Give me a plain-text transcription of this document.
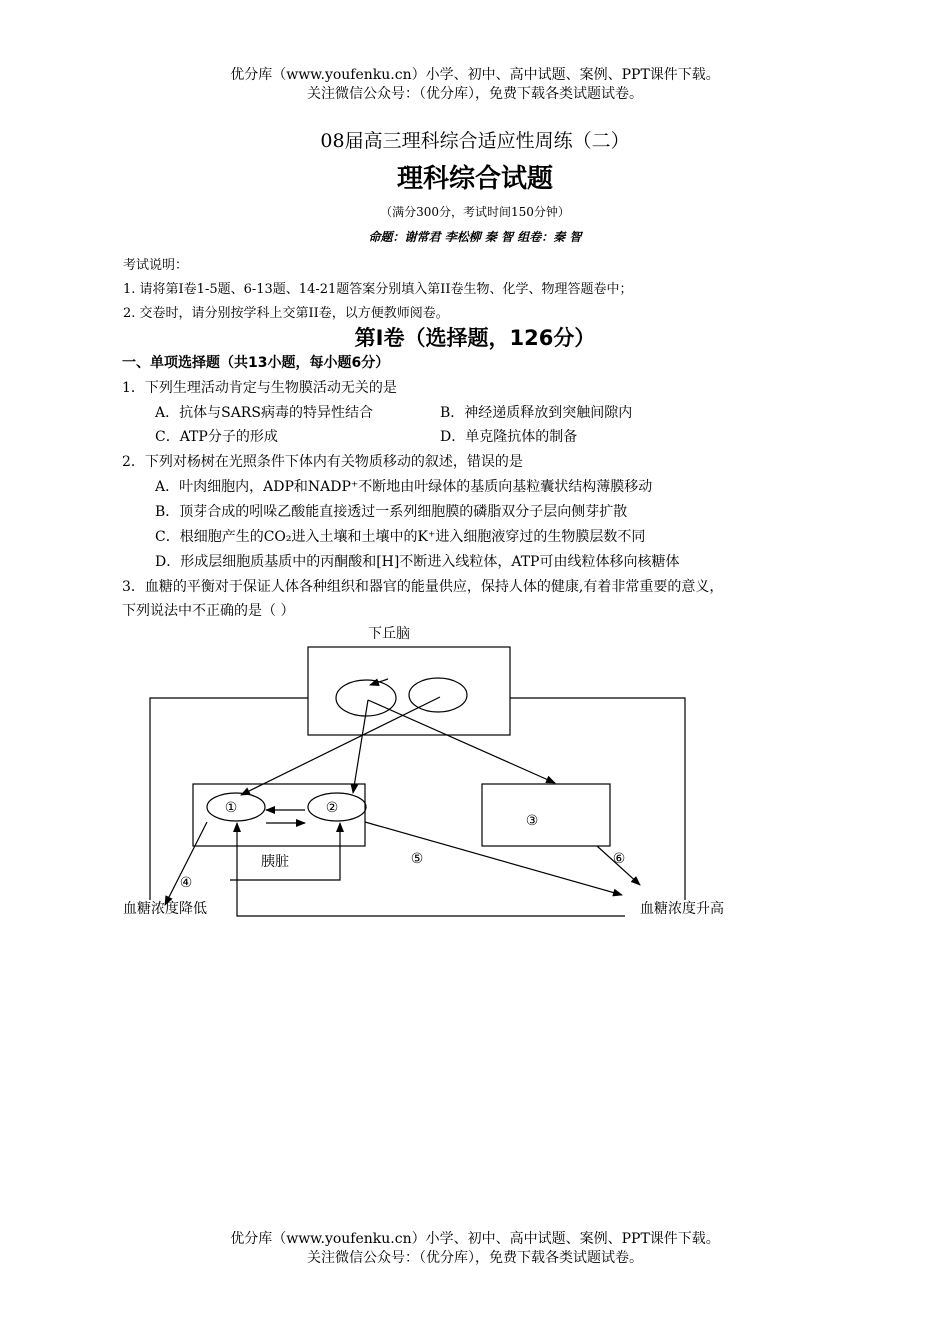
优分库（www.youfenku.cn）小学、初中、高中试题、案例、PPT课件下载。
关注微信公众号：（优分库），免费下载各类试题试卷。
08届高三理科综合适应性周练（二）
理科综合试题
（满分300分，考试时间150分钟）
命题：谢常君 李松柳 秦 智 组卷：秦 智
考试说明：
1. 请将第I卷1-5题、6-13题、14-21题答案分别填入第II卷生物、化学、物理答题卷中；
2. 交卷时，请分别按学科上交第II卷，以方便教师阅卷。
第I卷（选择题，126分）
一、单项选择题（共13小题，每小题6分）
1．下列生理活动肯定与生物膜活动无关的是
A．抗体与SARS病毒的特异性结合	B．神经递质释放到突触间隙内
C．ATP分子的形成	D．单克隆抗体的制备
2．下列对杨树在光照条件下体内有关物质移动的叙述，错误的是
A．叶肉细胞内，ADP和NADP⁺不断地由叶绿体的基质向基粒囊状结构薄膜移动
B．顶芽合成的吲哚乙酸能直接透过一系列细胞膜的磷脂双分子层向侧芽扩散
C．根细胞产生的CO₂进入土壤和土壤中的K⁺进入细胞液穿过的生物膜层数不同
D．形成层细胞质基质中的丙酮酸和[H]不断进入线粒体，ATP可由线粒体移向核糖体
3．血糖的平衡对于保证人体各种组织和器官的能量供应，保持人体的健康,有着非常重要的意义，
下列说法中不正确的是（ ）
下丘脑
胰脏
血糖浓度降低	血糖浓度升高
①	②
③
④
⑤	⑥
优分库（www.youfenku.cn）小学、初中、高中试题、案例、PPT课件下载。
关注微信公众号：（优分库），免费下载各类试题试卷。
